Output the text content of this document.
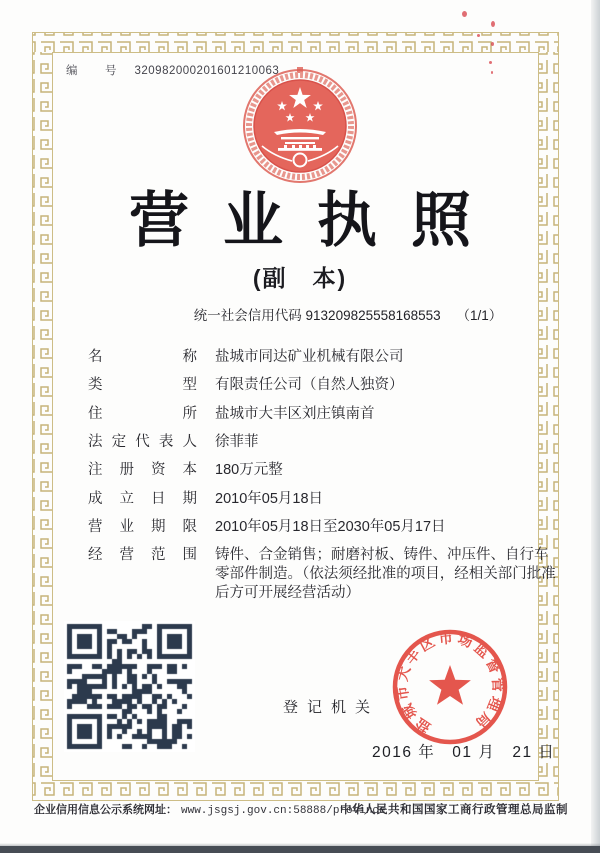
编　号 320982000201601210063
营业执照
(副　本)
统一社会信用代码 913209825558168553 （1/1）
名称 盐城市同达矿业机械有限公司
类型 有限责任公司（自然人独资）
住所 盐城市大丰区刘庄镇南首
法定代表人 徐菲菲
注册资本 180万元整
成立日期 2010年05月18日
营业期限 2010年05月18日至2030年05月17日
经营范围 铸件、合金销售；耐磨衬板、铸件、冲压件、自行车零部件制造。（依法须经批准的项目，经相关部门批准后方可开展经营活动）
登记机关
盐城市大丰区市场监督管理局
2016 年　01 月　21 日
企业信用信息公示系统网址： www.jsgsj.gov.cn:58888/province
中华人民共和国国家工商行政管理总局监制
